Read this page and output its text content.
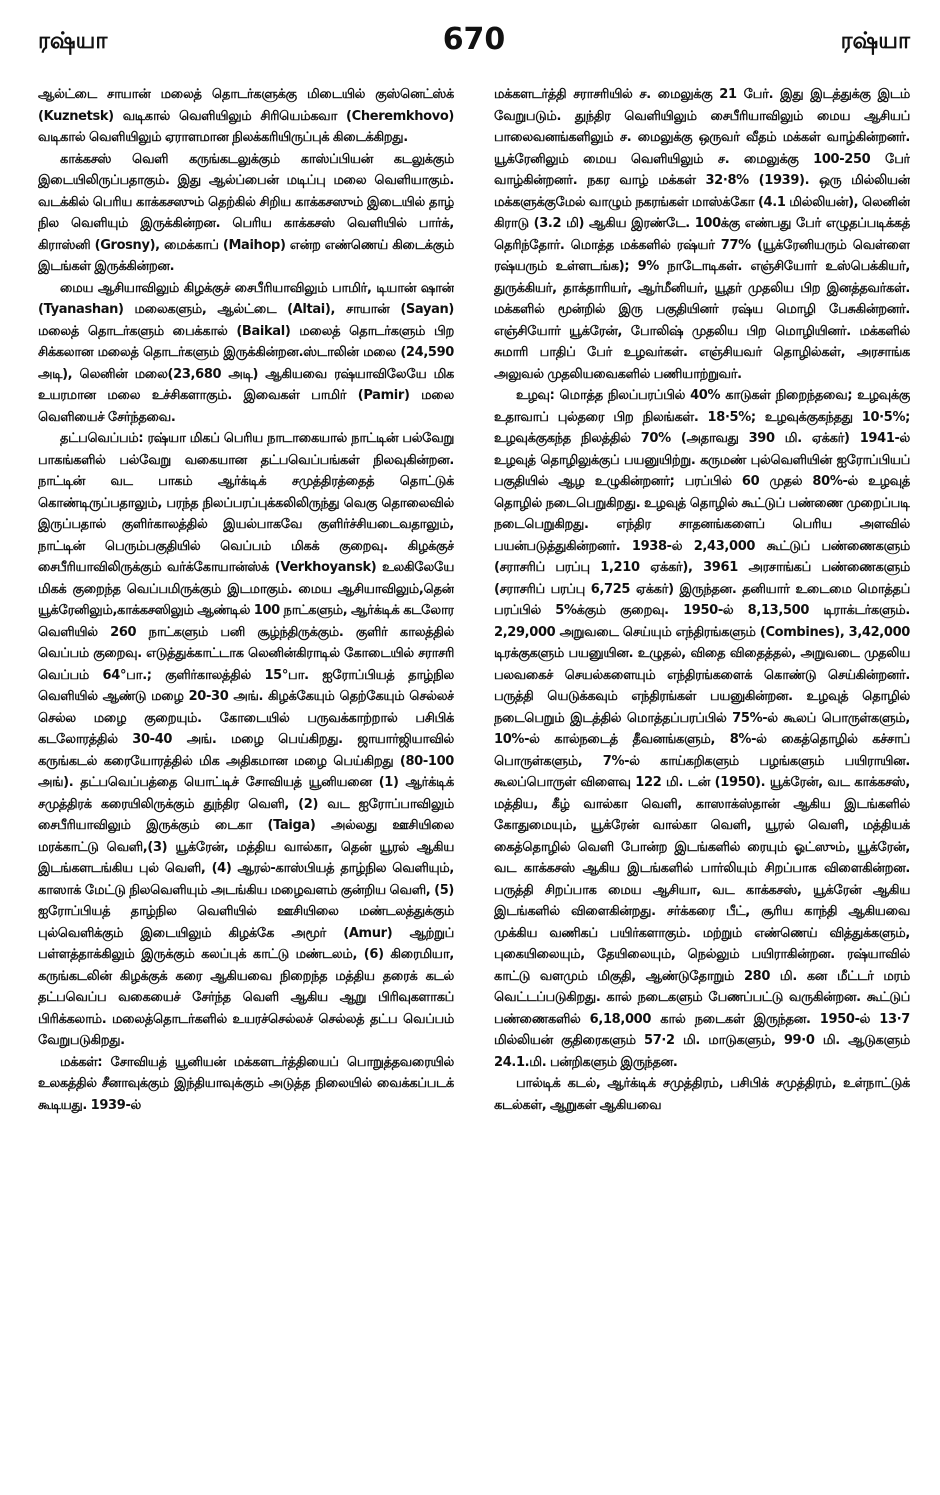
ரஷ்யா	670	ரஷ்யா

ஆல்ட்டை சாயான் மலைத் தொடர்களுக்கு மிடையில் குஸ்னெட்ஸ்க் (Kuznetsk) வடிகால் வெளியிலும் சிரியெம்கவா (Cheremkhovo) வடிகால் வெளியிலும் ஏராளமான நிலக்கரியிருப்புக் கிடைக்கிறது.

காக்கசஸ் வெளி கருங்கடலுக்கும் காஸ்ப்பியன் கடலுக்கும் இடையிலிருப்பதாகும். இது ஆல்ப்பைன் மடிப்பு மலை வெளியாகும். வடக்கில் பெரிய காக்கசஸும் தெற்கில் சிறிய காக்கசஸும் இடையில் தாழ் நில வெளியும் இருக்கின்றன. பெரிய காக்கசஸ் வெளியில் பார்க், கிராஸ்னி (Grosny), மைக்காப் (Maihop) என்ற எண்ணெய் கிடைக்கும் இடங்கள் இருக்கின்றன.

மைய ஆசியாவிலும் கிழக்குச் சைபீரியாவிலும் பாமிர், டியான் ஷான் (Tyanashan) மலைகளும், ஆல்ட்டை (Altai), சாயான் (Sayan) மலைத் தொடர்களும் பைக்கால் (Baikal) மலைத் தொடர்களும் பிற சிக்கலான மலைத் தொடர்களும் இருக்கின்றன.ஸ்டாலின் மலை (24,590 அடி), லெனின் மலை(23,680 அடி) ஆகியவை ரஷ்யாவிலேயே மிக உயரமான மலை உச்சிகளாகும். இவைகள் பாமிர் (Pamir) மலை வெளியைச் சேர்ந்தவை.

தட்பவெப்பம்: ரஷ்யா மிகப் பெரிய நாடாகையால் நாட்டின் பல்வேறு பாகங்களில் பல்வேறு வகையான தட்பவெப்பங்கள் நிலவுகின்றன. நாட்டின் வட பாகம் ஆர்க்டிக் சமுத்திரத்தைத் தொட்டுக் கொண்டிருப்பதாலும், பரந்த நிலப்பரப்புக்கலிலிருந்து வெகு தொலைவில் இருப்பதால் குளிர்காலத்தில் இயல்பாகவே குளிர்ச்சியடைவதாலும், நாட்டின் பெரும்பகுதியில் வெப்பம் மிகக் குறைவு. கிழக்குச் சைபீரியாவிலிருக்கும் வர்க்கோயான்ஸ்க் (Verkhoyansk) உலகிலேயே மிகக் குறைந்த வெப்பமிருக்கும் இடமாகும். மைய ஆசியாவிலும்,தென் யூக்ரேனிலும்,காக்கசஸிலும் ஆண்டில் 100 நாட்களும், ஆர்க்டிக் கடலோர வெளியில் 260 நாட்களும் பனி சூழ்ந்திருக்கும். குளிர் காலத்தில் வெப்பம் குறைவு. எடுத்துக்காட்டாக லெனின்கிராடில் கோடையில் சராசரி வெப்பம் 64°பா.; குளிர்காலத்தில் 15°பா. ஐரோப்பியத் தாழ்நில வெளியில் ஆண்டு மழை 20-30 அங். கிழக்கேயும் தெற்கேயும் செல்லச் செல்ல மழை குறையும். கோடையில் பருவக்காற்றால் பசிபிக் கடலோரத்தில் 30-40 அங். மழை பெய்கிறது. ஜாயார்ஜியாவில் கருங்கடல் கரையோரத்தில் மிக அதிகமான மழை பெய்கிறது (80-100 அங்). தட்பவெப்பத்தை யொட்டிச் சோவியத் யூனியனை (1) ஆர்க்டிக் சமுத்திரக் கரையிலிருக்கும் துந்திர வெளி, (2) வட ஐரோப்பாவிலும் சைபீரியாவிலும் இருக்கும் டைகா (Taiga) அல்லது ஊசியிலை மரக்காட்டு வெளி,(3) யூக்ரேன், மத்திய வால்கா, தென் யூரல் ஆகிய இடங்களடங்கிய புல் வெளி, (4) ஆரல்-காஸ்பியத் தாழ்நில வெளியும், காஸாக் மேட்டு நிலவெளியும் அடங்கிய மழைவளம் குன்றிய வெளி, (5) ஐரோப்பியத் தாழ்நில வெளியில் ஊசியிலை மண்டலத்துக்கும் புல்வெளிக்கும் இடையிலும் கிழக்கே அமூர் (Amur) ஆற்றுப் பள்ளத்தாக்கிலும் இருக்கும் கலப்புக் காட்டு மண்டலம், (6) கிரைமியா, கருங்கடலின் கிழக்குக் கரை ஆகியவை நிறைந்த மத்திய தரைக் கடல் தட்பவெப்ப வகையைச் சேர்ந்த வெளி ஆகிய ஆறு பிரிவுகளாகப் பிரிக்கலாம். மலைத்தொடர்களில் உயரச்செல்லச் செல்லத் தட்ப வெப்பம் வேறுபடுகிறது.

மக்கள்: சோவியத் யூனியன் மக்களடர்த்தியைப் பொறுத்தவரையில் உலகத்தில் சீனாவுக்கும் இந்தியாவுக்கும் அடுத்த நிலையில் வைக்கப்படக் கூடியது. 1939-ல்

மக்களடர்த்தி சராசரியில் ச. மைலுக்கு 21 பேர். இது இடத்துக்கு இடம் வேறுபடும். துந்திர வெளியிலும் சைபீரியாவிலும் மைய ஆசியப் பாலைவனங்களிலும் ச. மைலுக்கு ஒருவர் வீதம் மக்கள் வாழ்கின்றனர். யூக்ரேனிலும் மைய வெளியிலும் ச. மைலுக்கு 100-250 பேர் வாழ்கின்றனர். நகர வாழ் மக்கள் 32·8% (1939). ஒரு மில்லியன் மக்களுக்குமேல் வாழும் நகரங்கள் மாஸ்க்கோ (4.1 மில்லியன்), லெனின் கிராடு (3.2 மி) ஆகிய இரண்டே. 100க்கு எண்பது பேர் எழுதப்படிக்கத் தெரிந்தோர். மொத்த மக்களில் ரஷ்யர் 77% (யூக்ரேனியரும் வெள்ளை ரஷ்யரும் உள்ளடங்க); 9% நாடோடிகள். எஞ்சியோர் உஸ்பெக்கியர், துருக்கியர், தாக்தாரியர், ஆர்மீனியர், யூதர் முதலிய பிற இனத்தவர்கள். மக்களில் மூன்றில் இரு பகுதியினர் ரஷ்ய மொழி பேசுகின்றனர். எஞ்சியோர் யூக்ரேன், போலிஷ் முதலிய பிற மொழியினர். மக்களில் சுமாரி பாதிப் பேர் உழவர்கள். எஞ்சியவர் தொழில்கள், அரசாங்க அலுவல் முதலியவைகளில் பணியாற்றுவர்.

உழவு: மொத்த நிலப்பரப்பில் 40% காடுகள் நிறைந்தவை; உழவுக்கு உதாவாப் புல்தரை பிற நிலங்கள். 18·5%; உழவுக்குகந்தது 10·5%; உழவுக்குகந்த நிலத்தில் 70% (அதாவது 390 மி. ஏக்கர்) 1941-ல் உழவுத் தொழிலுக்குப் பயனுயிற்று. கருமண் புல்வெளியின் ஐரோப்பியப் பகுதியில் ஆழ உழுகின்றனர்; பரப்பில் 60 முதல் 80%-ல் உழவுத் தொழில் நடைபெறுகிறது. உழவுத் தொழில் கூட்டுப் பண்ணை முறைப்படி நடைபெறுகிறது. எந்திர சாதனங்களைப் பெரிய அளவில் பயன்படுத்துகின்றனர். 1938-ல் 2,43,000 கூட்டுப் பண்ணைகளும் (சராசரிப் பரப்பு 1,210 ஏக்கர்), 3961 அரசாங்கப் பண்ணைகளும் (சராசரிப் பரப்பு 6,725 ஏக்கர்) இருந்தன. தனியார் உடைமை மொத்தப் பரப்பில் 5%க்கும் குறைவு. 1950-ல் 8,13,500 டிராக்டர்களும். 2,29,000 அறுவடை செய்யும் எந்திரங்களும் (Combines), 3,42,000 டிரக்குகளும் பயனுயின. உழுதல், விதை விதைத்தல், அறுவடை முதலிய பலவகைச் செயல்களையும் எந்திரங்களைக் கொண்டு செய்கின்றனர். பருத்தி யெடுக்கவும் எந்திரங்கள் பயனுகின்றன. உழவுத் தொழில் நடைபெறும் இடத்தில் மொத்தப்பரப்பில் 75%-ல் கூலப் பொருள்களும், 10%-ல் கால்நடைத் தீவனங்களும், 8%-ல் கைத்தொழில் கச்சாப் பொருள்களும், 7%-ல் காய்கறிகளும் பழங்களும் பயிராயின. கூலப்பொருள் விளைவு 122 மி. டன் (1950). யூக்ரேன், வட காக்கசஸ், மத்திய, கீழ் வால்கா வெளி, காஸாக்ஸ்தான் ஆகிய இடங்களில் கோதுமையும், யூக்ரேன் வால்கா வெளி, யூரல் வெளி, மத்தியக் கைத்தொழில் வெளி போன்ற இடங்களில் ரையும் ஓட்ஸும், யூக்ரேன், வட காக்கசஸ் ஆகிய இடங்களில் பார்லியும் சிறப்பாக விளைகின்றன. பருத்தி சிறப்பாக மைய ஆசியா, வட காக்கசஸ், யூக்ரேன் ஆகிய இடங்களில் விளைகின்றது. சர்க்கரை பீட், சூரிய காந்தி ஆகியவை முக்கிய வணிகப் பயிர்களாகும். மற்றும் எண்ணெய் வித்துக்களும், புகையிலையும், தேயிலையும், நெல்லும் பயிராகின்றன. ரஷ்யாவில் காட்டு வளமும் மிகுதி, ஆண்டுதோறும் 280 மி. கன மீட்டர் மரம் வெட்டப்படுகிறது. கால் நடைகளும் பேணப்பட்டு வருகின்றன. கூட்டுப் பண்ணைகளில் 6,18,000 கால் நடைகள் இருந்தன. 1950-ல் 13·7 மில்லியன் குதிரைகளும் 57·2 மி. மாடுகளும், 99·0 மி. ஆடுகளும் 24.1.மி. பன்றிகளும் இருந்தன.

பால்டிக் கடல், ஆர்க்டிக் சமுத்திரம், பசிபிக் சமுத்திரம், உள்நாட்டுக் கடல்கள், ஆறுகள் ஆகியவை
